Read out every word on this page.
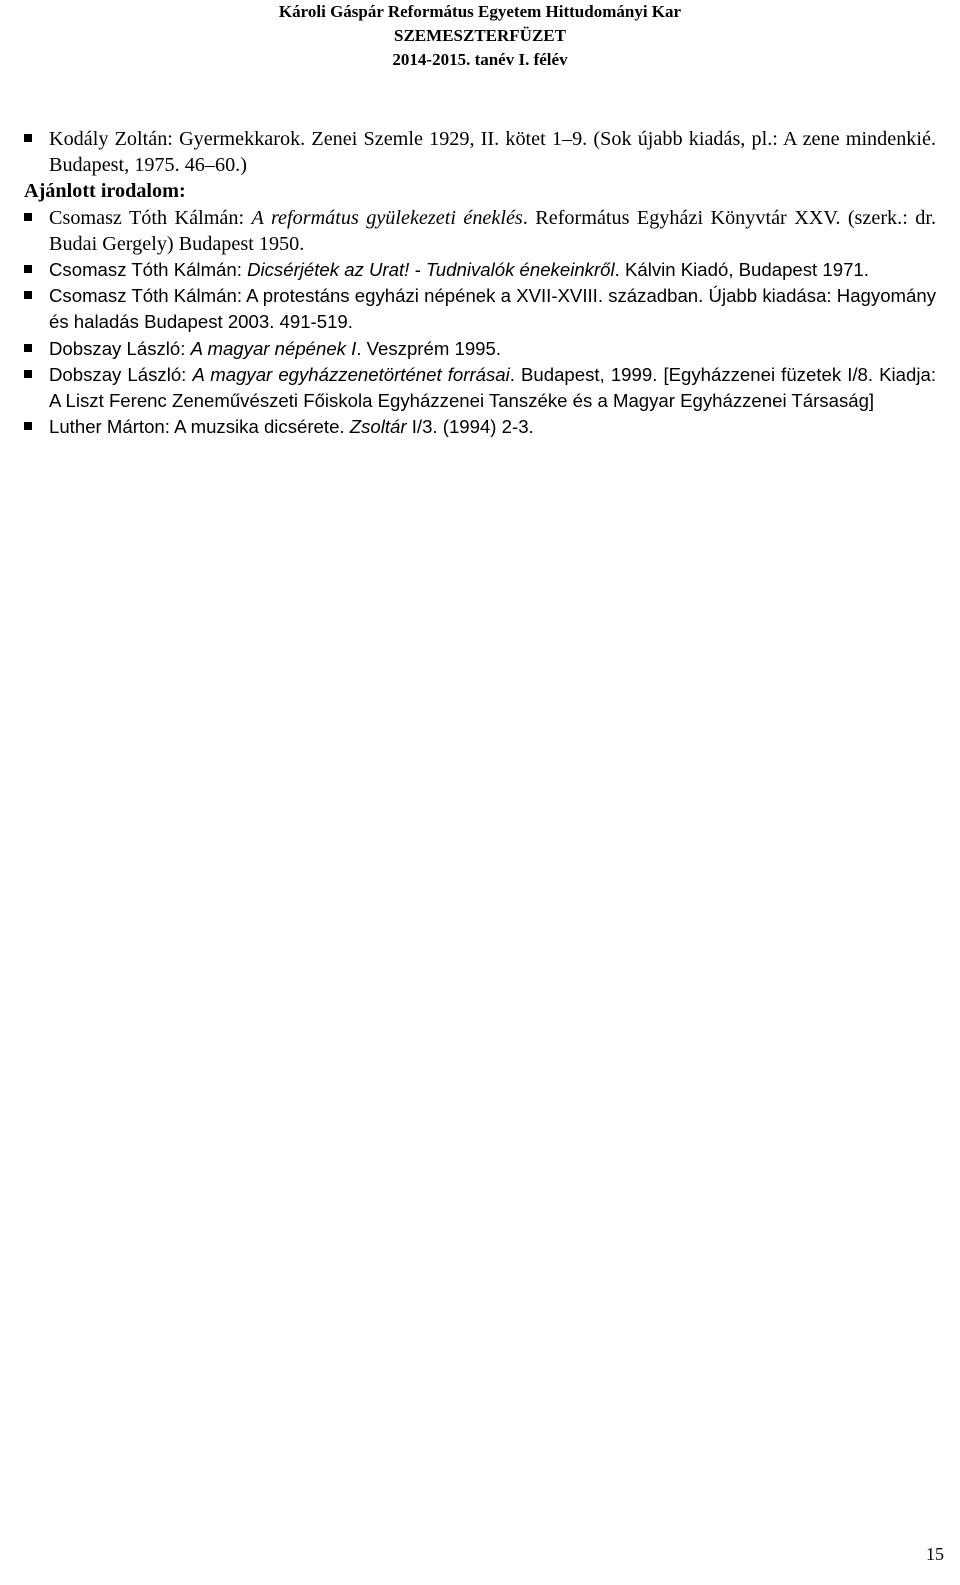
Károli Gáspár Református Egyetem Hittudományi Kar
SZEMESZTERFÜZET
2014-2015. tanév I. félév
Kodály Zoltán: Gyermekkarok. Zenei Szemle 1929, II. kötet 1–9. (Sok újabb kiadás, pl.: A zene mindenkié. Budapest, 1975. 46–60.)
Ajánlott irodalom:
Csomasz Tóth Kálmán: A református gyülekezeti éneklés. Református Egyházi Könyvtár XXV. (szerk.: dr. Budai Gergely) Budapest 1950.
Csomasz Tóth Kálmán: Dicsérjétek az Urat! - Tudnivalók énekeinkről. Kálvin Kiadó, Budapest 1971.
Csomasz Tóth Kálmán: A protestáns egyházi népének a XVII-XVIII. században. Újabb kiadása: Hagyomány és haladás Budapest 2003. 491-519.
Dobszay László: A magyar népének I. Veszprém 1995.
Dobszay László: A magyar egyházzenetörténet forrásai. Budapest, 1999. [Egyházzenei füzetek I/8. Kiadja: A Liszt Ferenc Zeneművészeti Főiskola Egyházzenei Tanszéke és a Magyar Egyházzenei Társaság]
Luther Márton: A muzsika dicsérete. Zsoltár I/3. (1994) 2-3.
15
